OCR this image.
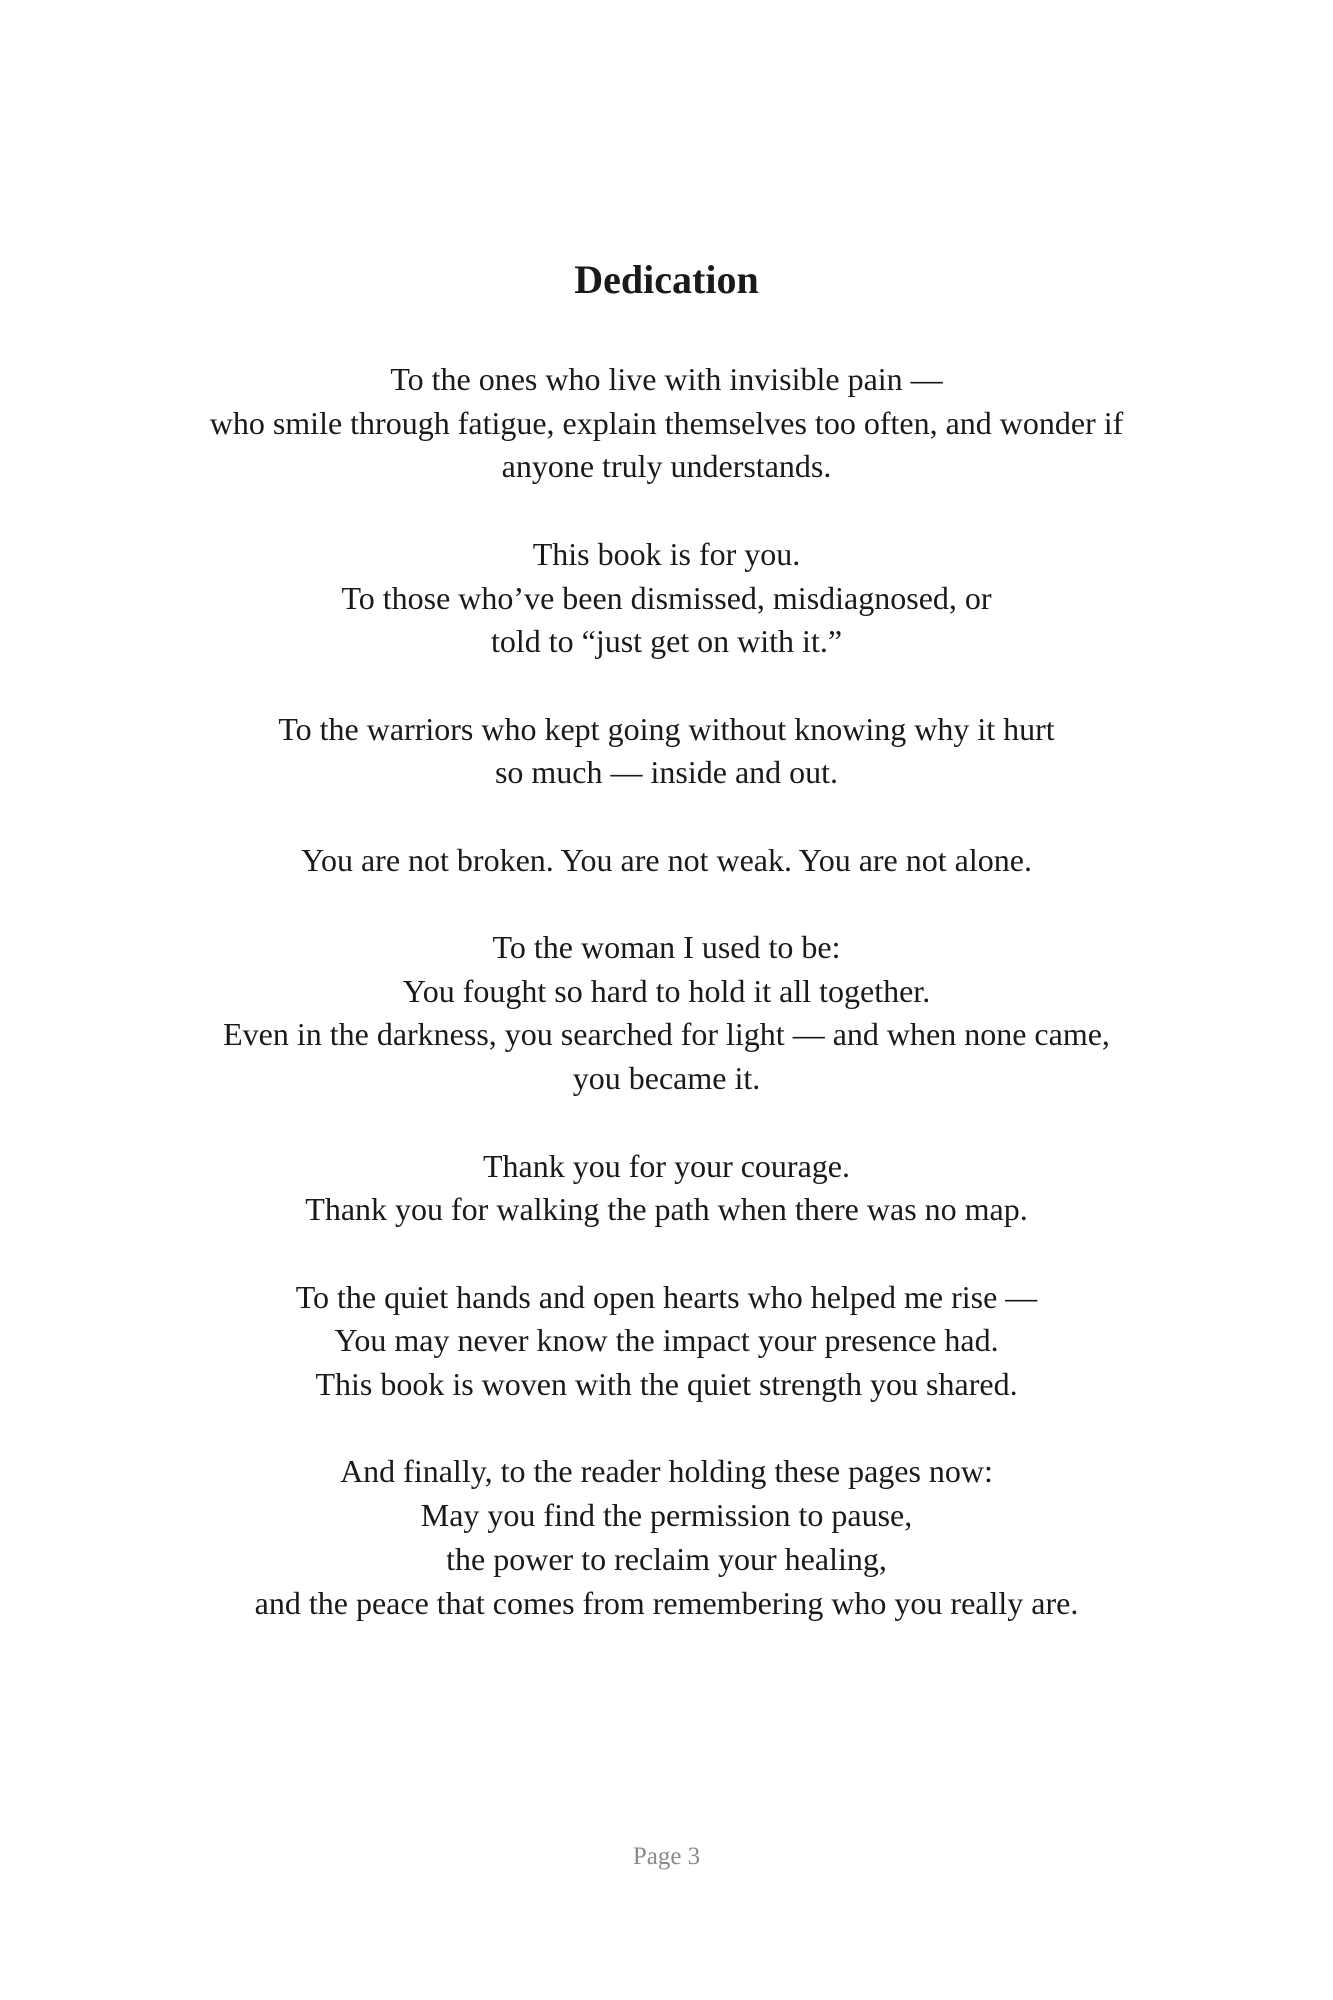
Dedication

To the ones who live with invisible pain —
who smile through fatigue, explain themselves too often, and wonder if
anyone truly understands.

This book is for you.
To those who’ve been dismissed, misdiagnosed, or
told to “just get on with it.”

To the warriors who kept going without knowing why it hurt
so much — inside and out.

You are not broken. You are not weak. You are not alone.

To the woman I used to be:
You fought so hard to hold it all together.
Even in the darkness, you searched for light — and when none came,
you became it.

Thank you for your courage.
Thank you for walking the path when there was no map.

To the quiet hands and open hearts who helped me rise —
You may never know the impact your presence had.
This book is woven with the quiet strength you shared.

And finally, to the reader holding these pages now:
May you find the permission to pause,
the power to reclaim your healing,
and the peace that comes from remembering who you really are.

Page 3
